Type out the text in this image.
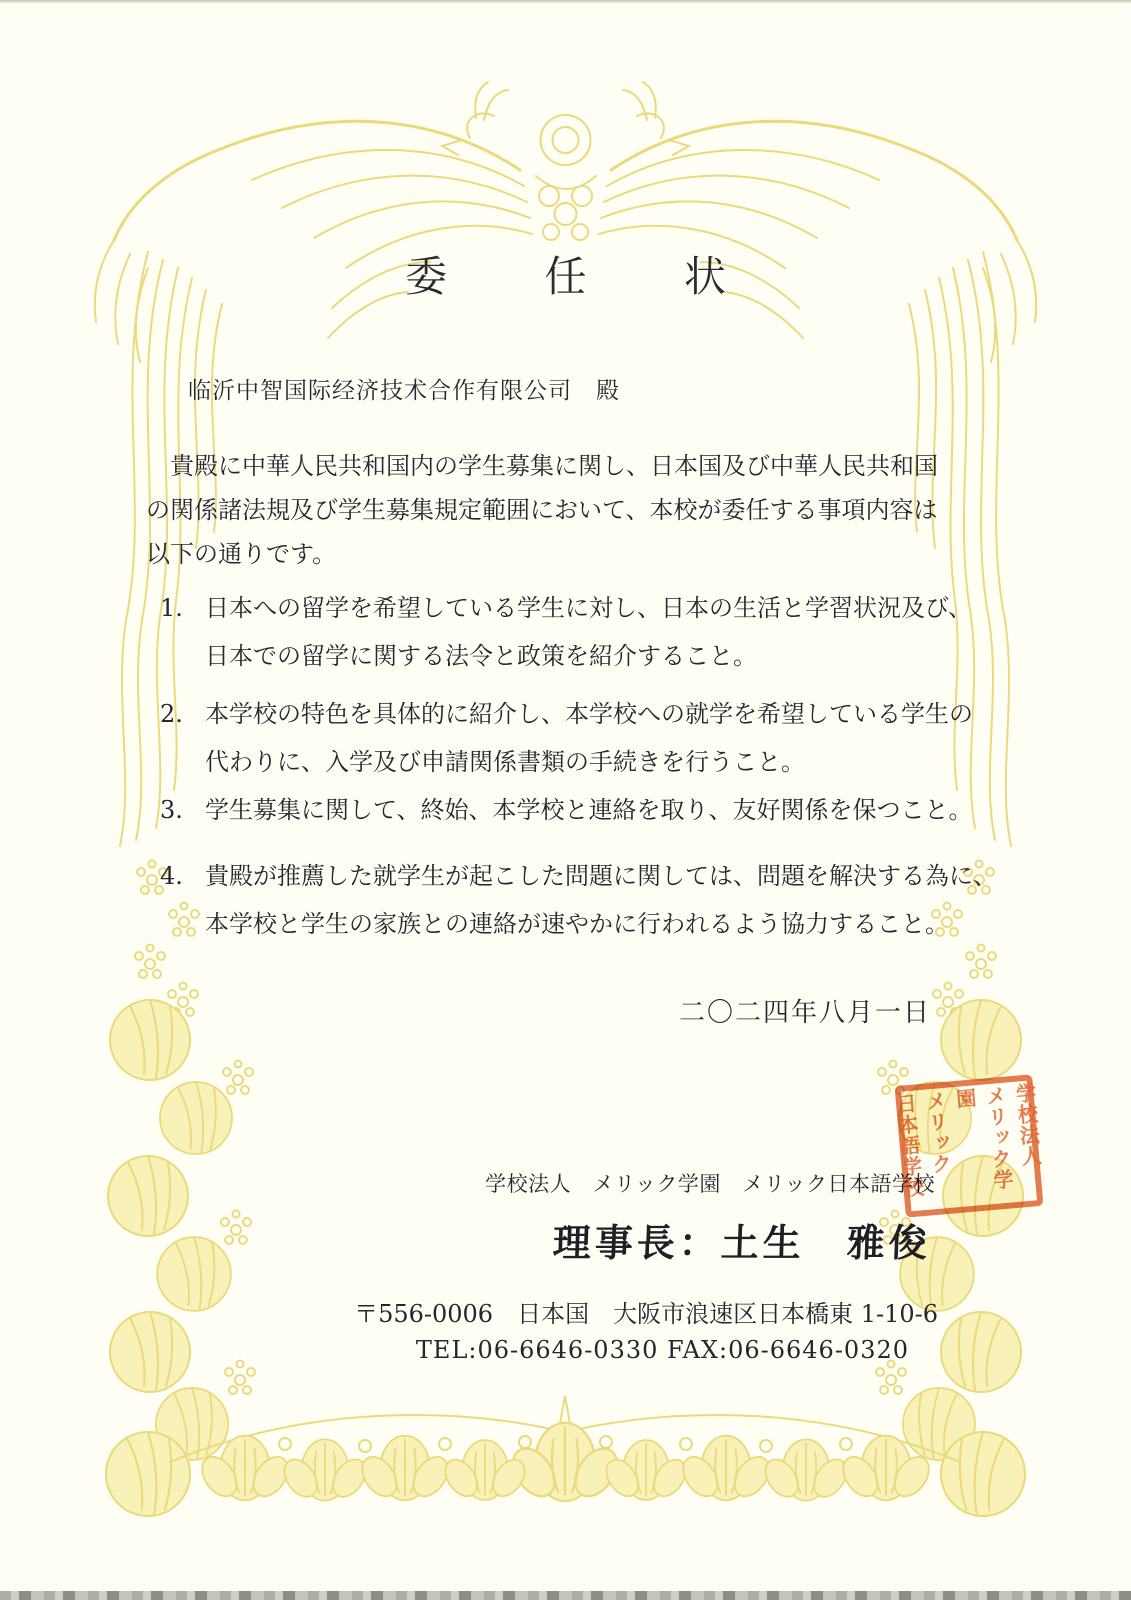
委 任 状
临沂中智国际经济技术合作有限公司　殿
貴殿に中華人民共和国内の学生募集に関し、日本国及び中華人民共和国
の関係諸法規及び学生募集規定範囲において、本校が委任する事項内容は
以下の通りです。
1. 日本への留学を希望している学生に対し、日本の生活と学習状況及び、
日本での留学に関する法令と政策を紹介すること。
2. 本学校の特色を具体的に紹介し、本学校への就学を希望している学生の
代わりに、入学及び申請関係書類の手続きを行うこと。
3. 学生募集に関して、終始、本学校と連絡を取り、友好関係を保つこと。
4. 貴殿が推薦した就学生が起こした問題に関しては、問題を解決する為に、
本学校と学生の家族との連絡が速やかに行われるよう協力すること。
二〇二四年八月一日
学校法人
メリック学園
メリック
日本語学校
学校法人　メリック学園　メリック日本語学校
理事長：土生　雅俊
〒556-0006　日本国　大阪市浪速区日本橋東 1-10-6
TEL:06-6646-0330 FAX:06-6646-0320
